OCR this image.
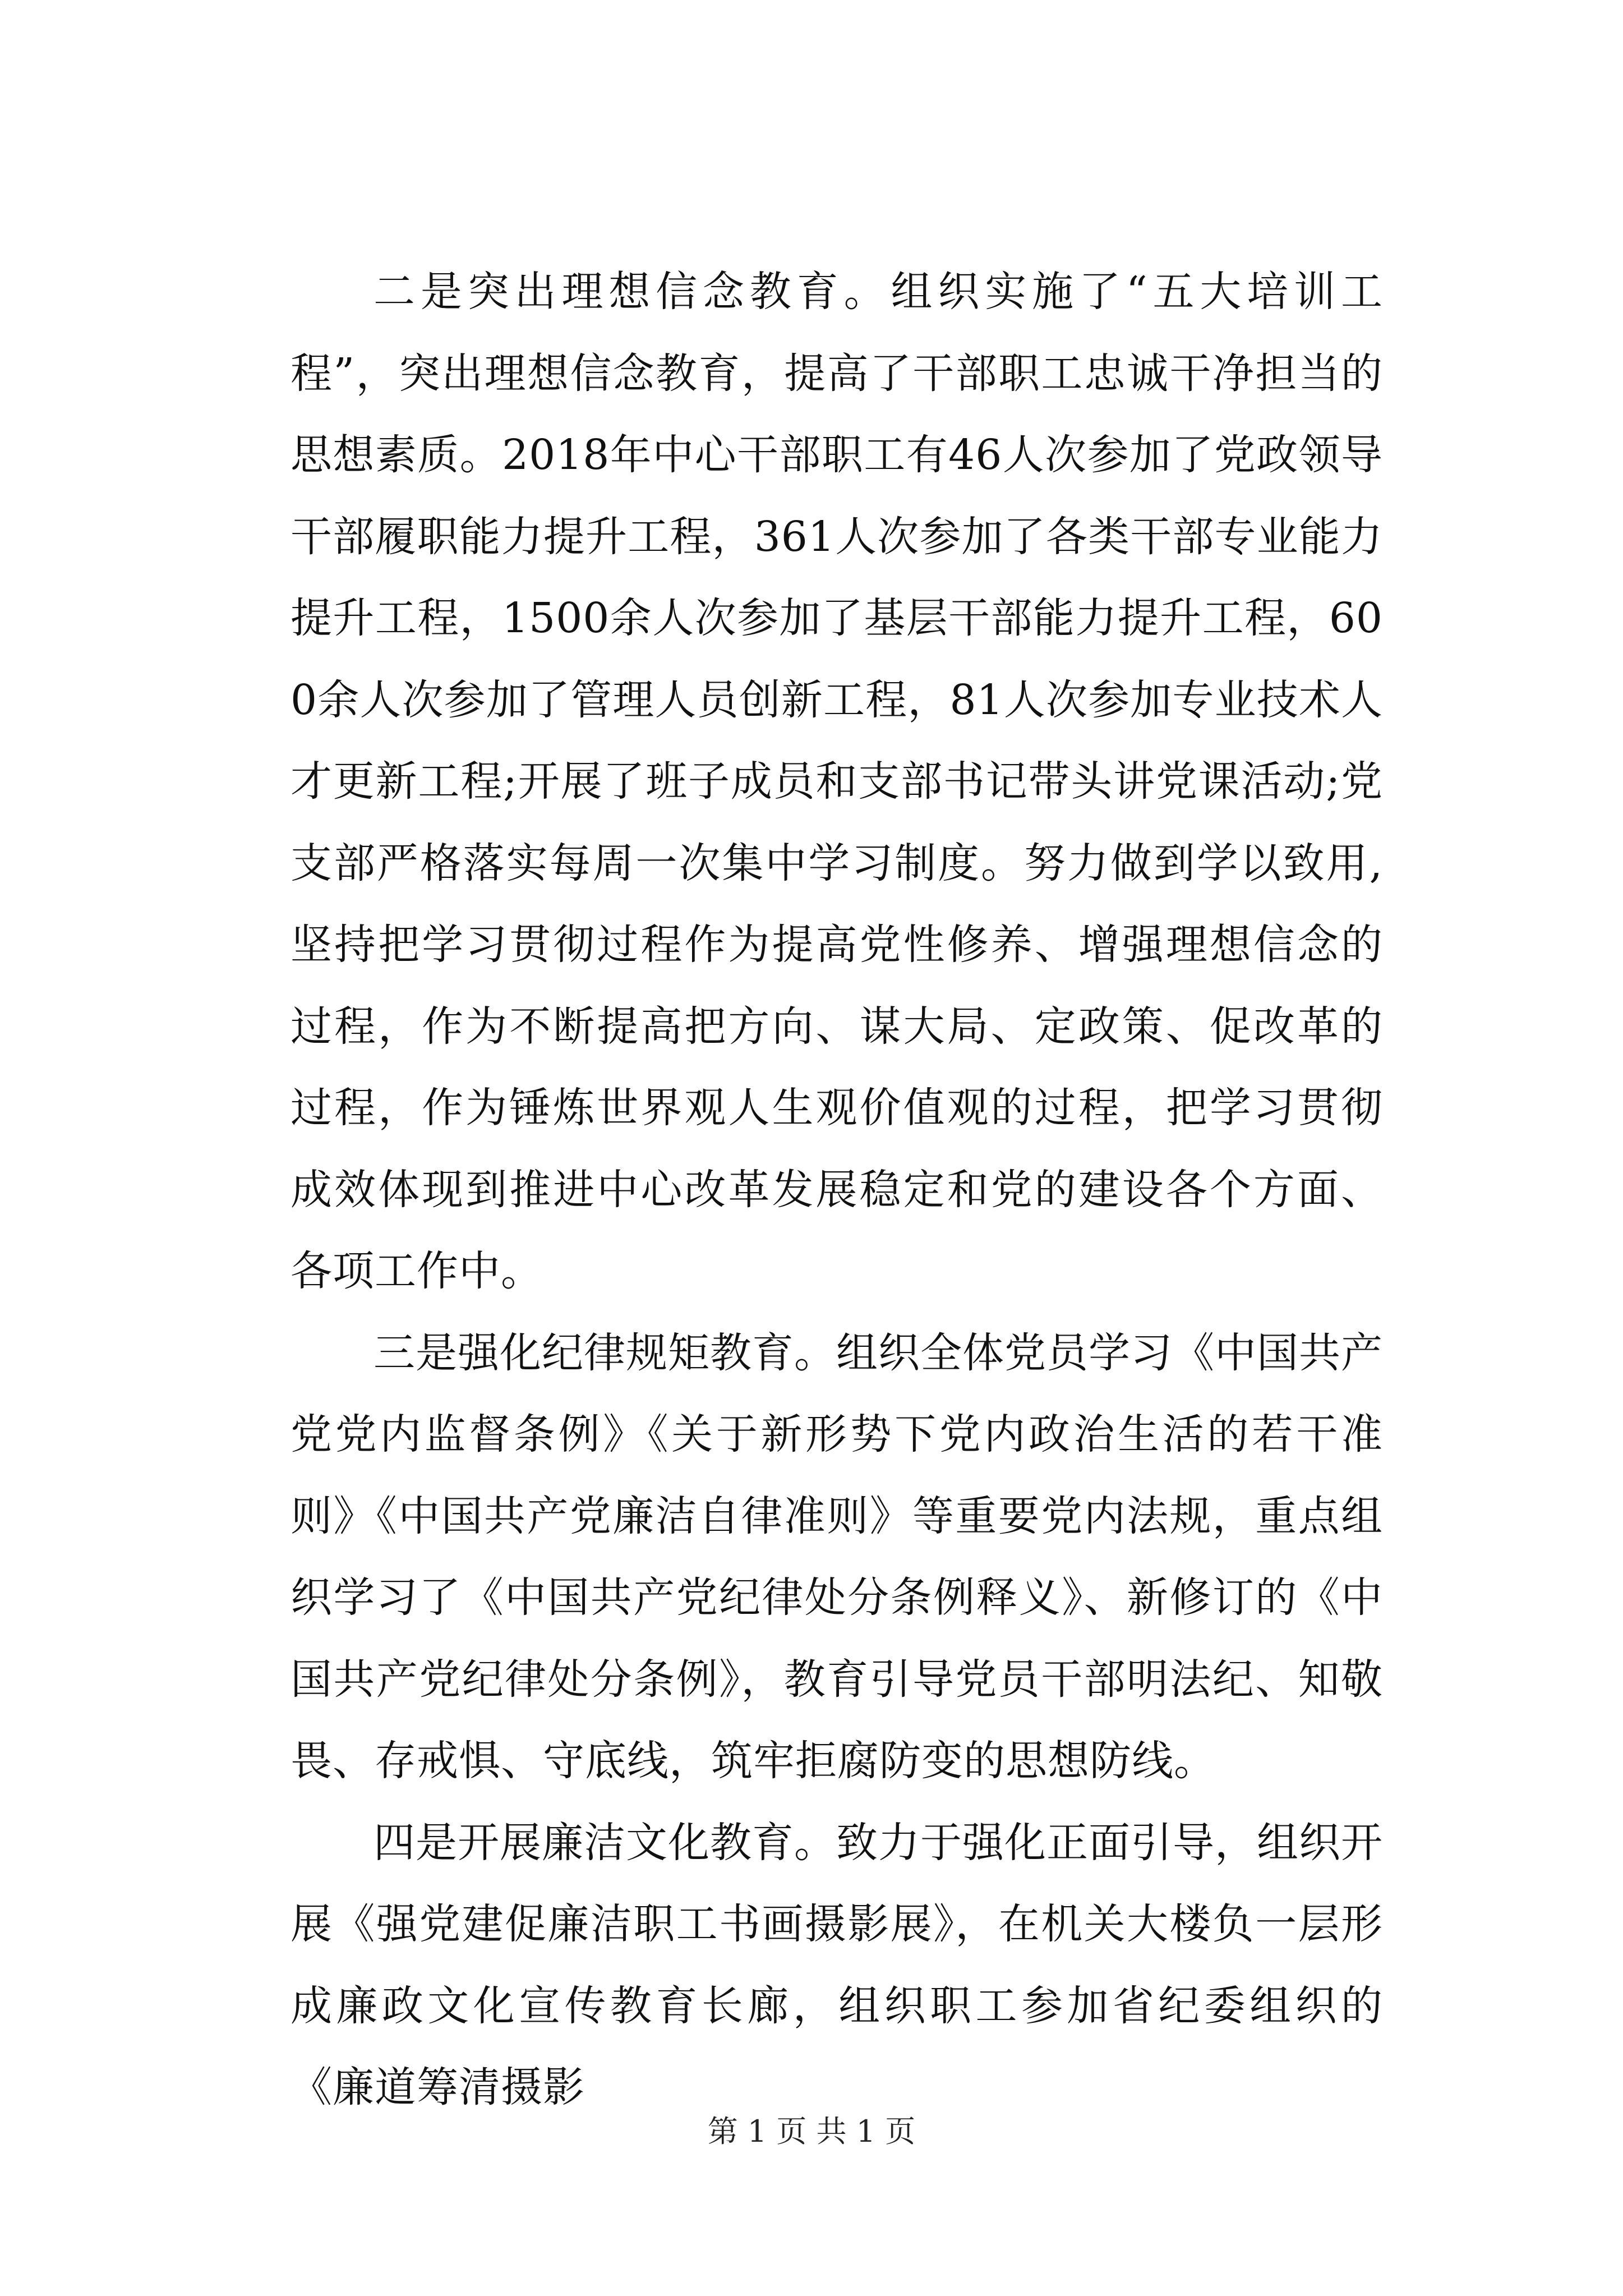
二是突出理想信念教育。组织实施了“五大培训工程”，突出理想信念教育，提高了干部职工忠诚干净担当的思想素质。2018年中心干部职工有46人次参加了党政领导干部履职能力提升工程，361人次参加了各类干部专业能力提升工程，1500余人次参加了基层干部能力提升工程，600余人次参加了管理人员创新工程，81人次参加专业技术人才更新工程;开展了班子成员和支部书记带头讲党课活动;党支部严格落实每周一次集中学习制度。努力做到学以致用,坚持把学习贯彻过程作为提高党性修养、增强理想信念的过程，作为不断提高把方向、谋大局、定政策、促改革的过程，作为锤炼世界观人生观价值观的过程，把学习贯彻成效体现到推进中心改革发展稳定和党的建设各个方面、各项工作中。

三是强化纪律规矩教育。组织全体党员学习《中国共产党党内监督条例》《关于新形势下党内政治生活的若干准则》《中国共产党廉洁自律准则》等重要党内法规，重点组织学习了《中国共产党纪律处分条例释义》、新修订的《中国共产党纪律处分条例》，教育引导党员干部明法纪、知敬畏、存戒惧、守底线，筑牢拒腐防变的思想防线。

四是开展廉洁文化教育。致力于强化正面引导，组织开展《强党建促廉洁职工书画摄影展》，在机关大楼负一层形成廉政文化宣传教育长廊，组织职工参加省纪委组织的《廉道筹清摄影

第 1 页 共 1 页
